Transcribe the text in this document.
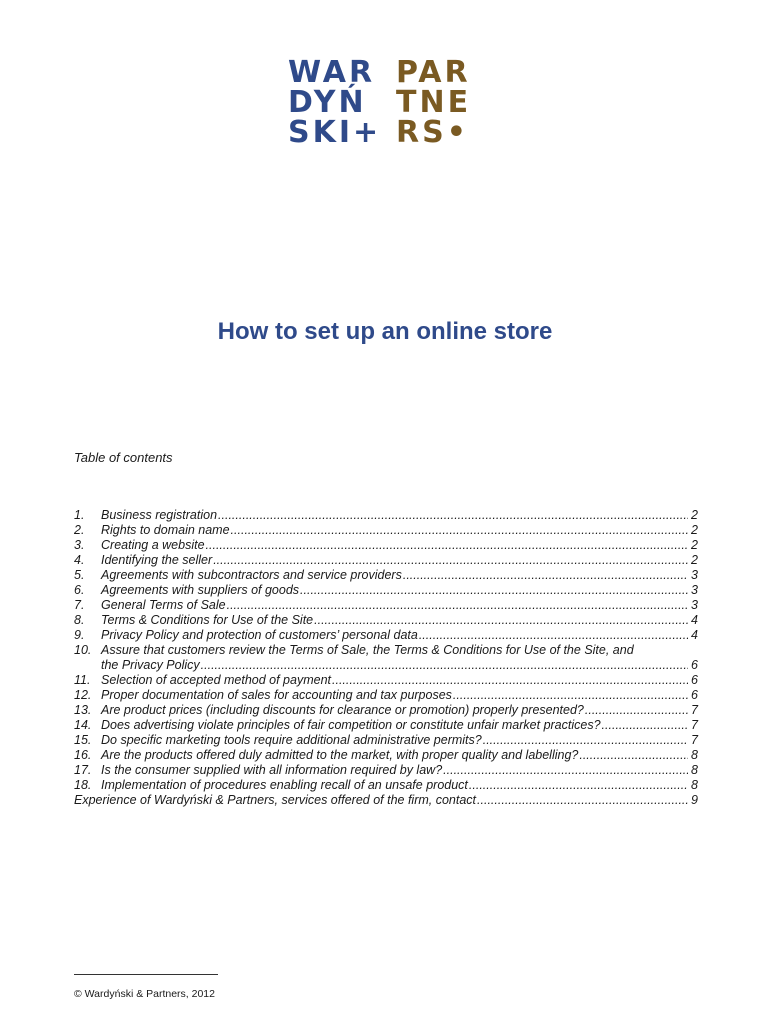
WAR
DYŃ
SKI+
PAR
TNE
RS•
How to set up an online store
Table of contents
1.	Business registration .....	2
2.	Rights to domain name .....	2
3.	Creating a website .....	2
4.	Identifying the seller .....	2
5.	Agreements with subcontractors and service providers .....	3
6.	Agreements with suppliers of goods .....	3
7.	General Terms of Sale .....	3
8.	Terms & Conditions for Use of the Site .....	4
9.	Privacy Policy and protection of customers’ personal data .....	4
10. Assure that customers review the Terms of Sale, the Terms & Conditions for Use of the Site, and
the Privacy Policy .....	6
11. Selection of accepted method of payment .....	6
12. Proper documentation of sales for accounting and tax purposes .....	6
13. Are product prices (including discounts for clearance or promotion) properly presented? .....	7
14. Does advertising violate principles of fair competition or constitute unfair market practices? .....	7
15. Do specific marketing tools require additional administrative permits? .....	7
16. Are the products offered duly admitted to the market, with proper quality and labelling? .....	8
17. Is the consumer supplied with all information required by law? .....	8
18. Implementation of procedures enabling recall of an unsafe product .....	8
Experience of Wardyński & Partners, services offered of the firm, contact .....	9
© Wardyński & Partners, 2012
